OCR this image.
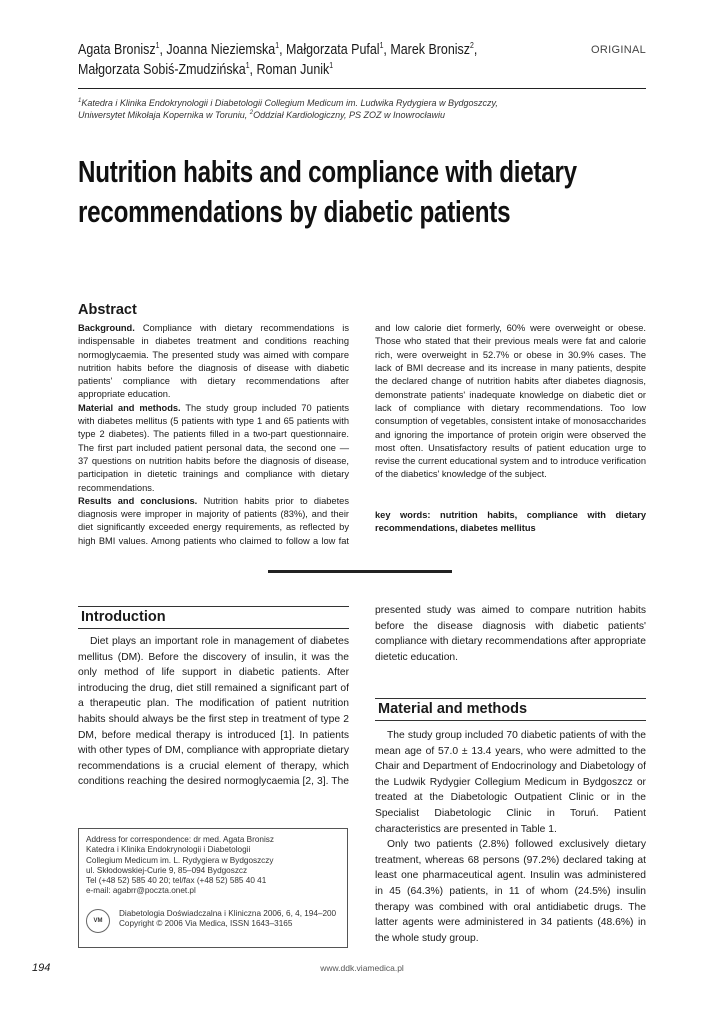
Agata Bronisz$^1$, Joanna Nieziemska$^1$, Małgorzata Pufal$^1$, Marek Bronisz$^2$,
Małgorzata Sobiś-Zmudzińska$^1$, Roman Junik$^1$
ORIGINAL
$^1$Katedra i Klinika Endokrynologii i Diabetologii Collegium Medicum im. Ludwika Rydygiera w Bydgoszczy,
Uniwersytet Mikołaja Kopernika w Toruniu, $^2$Oddział Kardiologiczny, PS ZOZ w Inowrocławiu
Nutrition habits and compliance with dietary
recommendations by diabetic patients
Abstract
Background. Compliance with dietary recommendations is indispensable in diabetes treatment and conditions reaching normoglycaemia. The presented study was aimed with compare nutrition habits before the diagnosis of disease with diabetic patients' compliance with dietary recommendations after appropriate education.
Material and methods. The study group included 70 patients with diabetes mellitus (5 patients with type 1 and 65 patients with type 2 diabetes). The patients filled in a two-part questionnaire. The first part included patient personal data, the second one — 37 questions on nutrition habits before the diagnosis of disease, participation in dietetic trainings and compliance with dietary recommendations.
Results and conclusions. Nutrition habits prior to diabetes diagnosis were improper in majority of patients (83%), and their diet significantly exceeded energy requirements, as reflected by high BMI values. Among patients who claimed to follow a low fat
and low calorie diet formerly, 60% were overweight or obese. Those who stated that their previous meals were fat and calorie rich, were overweight in 52.7% or obese in 30.9% cases. The lack of BMI decrease and its increase in many patients, despite the declared change of nutrition habits after diabetes diagnosis, demonstrate patients' inadequate knowledge on diabetic diet or lack of compliance with dietary recommendations. Too low consumption of vegetables, consistent intake of monosaccharides and ignoring the importance of protein origin were observed the most often. Unsatisfactory results of patient education urge to revise the current educational system and to introduce verification of the diabetics' knowledge of the subject.
key words: nutrition habits, compliance with dietary recommendations, diabetes mellitus
Introduction

Diet plays an important role in management of diabetes mellitus (DM). Before the discovery of insulin, it was the only method of life support in diabetic patients. After introducing the drug, diet still remained a significant part of a therapeutic plan. The modification of patient nutrition habits should always be the first step in treatment of type 2 DM, before medical therapy is introduced [1]. In patients with other types of DM, compliance with appropriate dietary recommendations is a crucial element of therapy, which conditions reaching the desired normoglycaemia [2, 3]. The

presented study was aimed to compare nutrition habits before the disease diagnosis with diabetic patients' compliance with dietary recommendations after appropriate dietetic education.

Material and methods

The study group included 70 diabetic patients of with the mean age of 57.0 ± 13.4 years, who were admitted to the Chair and Department of Endocrinology and Diabetology of the Ludwik Rydygier Collegium Medicum in Bydgoszcz or treated at the Diabetologic Outpatient Clinic or in the Specialist Diabetologic Clinic in Toruń. Patient characteristics are presented in Table 1.

Only two patients (2.8%) followed exclusively dietary treatment, whereas 68 persons (97.2%) declared taking at least one pharmaceutical agent. Insulin was administered in 45 (64.3%) patients, in 11 of whom (24.5%) insulin therapy was combined with oral antidiabetic drugs. The latter agents were administered in 34 patients (48.6%) in the whole study group.

Address for correspondence: dr med. Agata Bronisz
Katedra i Klinika Endokrynologii i Diabetologii
Collegium Medicum im. L. Rydygiera w Bydgoszczy
ul. Skłodowskiej-Curie 9, 85–094 Bydgoszcz
Tel (+48 52) 585 40 20; tel/fax (+48 52) 585 40 41
e-mail: agabrr@poczta.onet.pl
VM
Diabetologia Doświadczalna i Kliniczna 2006, 6, 4, 194–200
Copyright © 2006 Via Medica, ISSN 1643–3165
194	www.ddk.viamedica.pl
